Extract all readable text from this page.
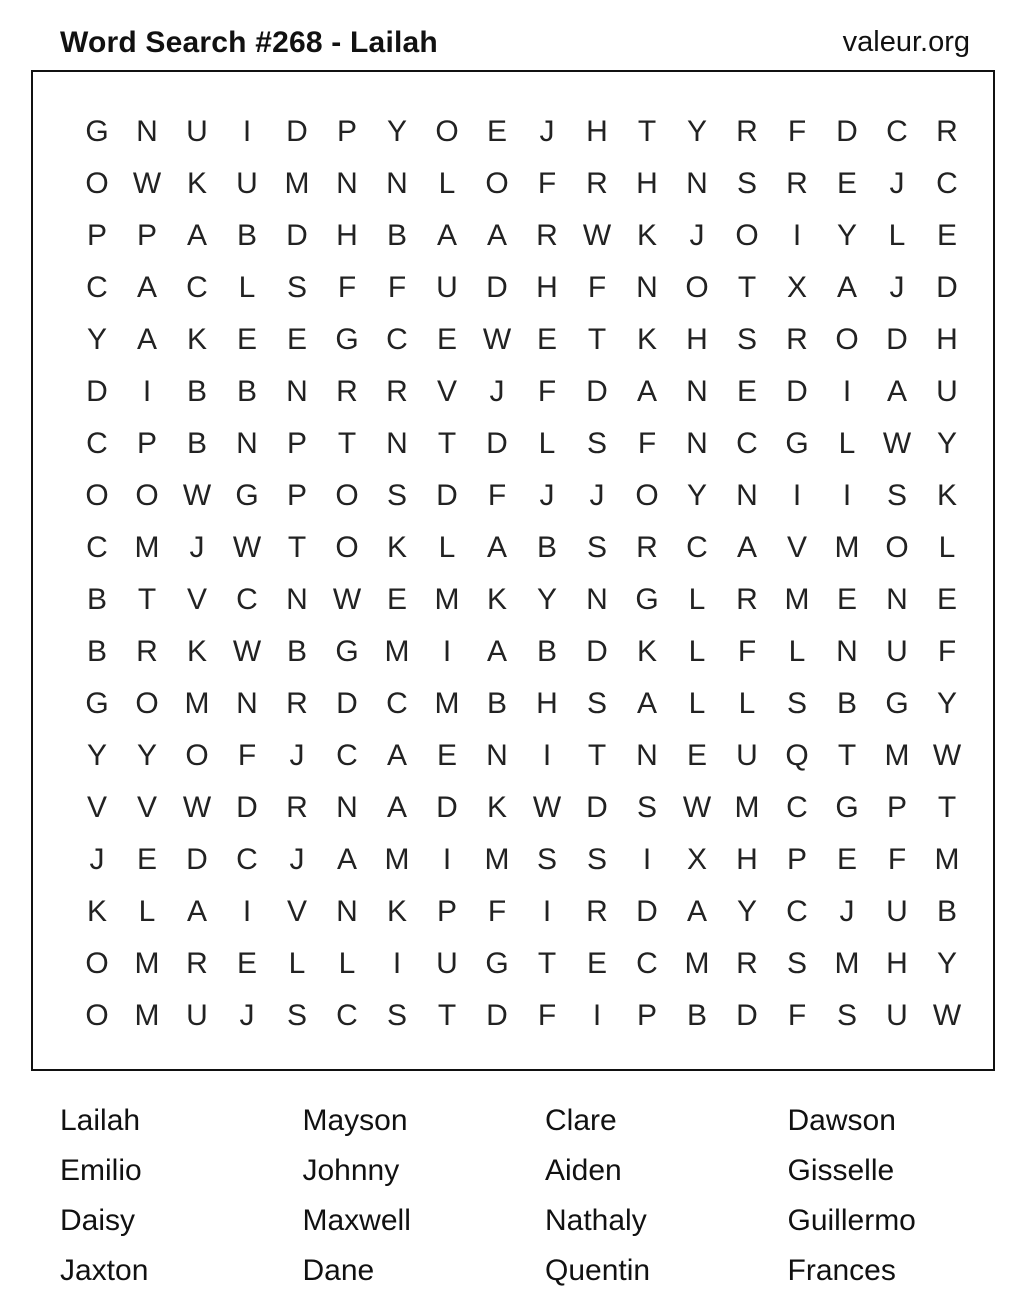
Word Search #268 - Lailah	valeur.org
G N U	I	D P Y O E	J	H	T	Y R	F	D C R
O W K U M N N	L O F	R H N S R E	J	C
P P A B D H B A A R W K	J	O	I	Y	L	E
C A C	L	S	F	F	U D H	F	N O T	X A	J	D
Y A K E E G C E W E	T	K H S R O D H
D	I	B B N R R V	J	F	D A N E D	I	A U
C P B N P	T	N	T	D	L	S	F	N C G L W Y
O O W G P O S D	F	J	J	O Y N	I	I	S K
C M	J W T O K	L	A B S R C A V M O L
B	T	V C N W E M K Y N G L	R M E N E
B R K W B G M	I	A B D K	L	F	L	N U	F
G O M N R D C M B H S A	L	L	S B G Y
Y Y O F	J	C A E N	I	T	N E U Q T M W
V V W D R N A D K W D S W M C G P	T
J	E D C	J	A M	I	M S S	I	X H P E	F M
K	L	A	I	V N K P	F	I	R D A Y C	J	U B
O M R E	L	L	I	U G T	E C M R S M H Y
O M U	J	S C S	T	D	F	I	P B D	F	S U W
Lailah	Mayson	Clare	Dawson
Emilio	Johnny	Aiden	Gisselle
Daisy	Maxwell	Nathaly	Guillermo
Jaxton	Dane	Quentin	Frances
